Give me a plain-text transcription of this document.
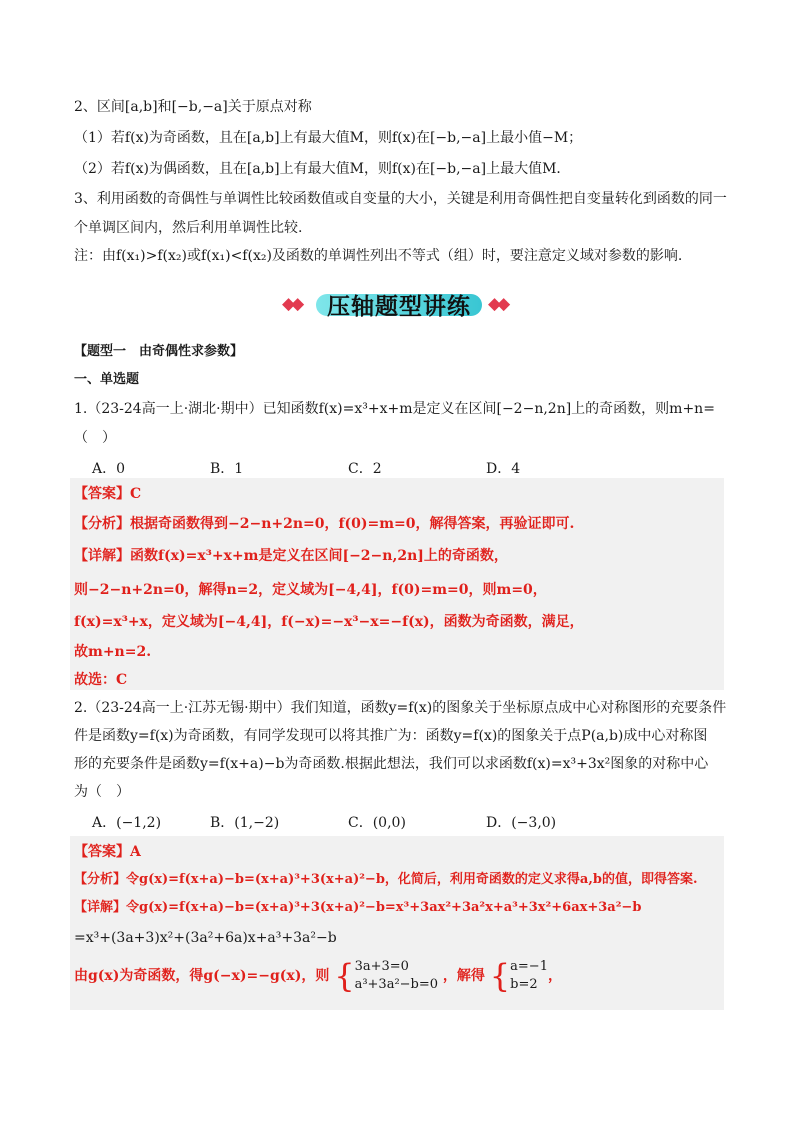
2、区间[a,b]和[−b,−a]关于原点对称
（1）若f(x)为奇函数，且在[a,b]上有最大值M，则f(x)在[−b,−a]上最小值−M；
（2）若f(x)为偶函数，且在[a,b]上有最大值M，则f(x)在[−b,−a]上最大值M．
3、利用函数的奇偶性与单调性比较函数值或自变量的大小，关键是利用奇偶性把自变量转化到函数的同一
个单调区间内，然后利用单调性比较.
注：由f(x₁)>f(x₂)或f(x₁)<f(x₂)及函数的单调性列出不等式（组）时，要注意定义域对参数的影响.
◆◆	压轴题型讲练	◆◆
【题型一　由奇偶性求参数】
一、单选题
1.（23-24高一上·湖北·期中）已知函数f(x)=x³+x+m是定义在区间[−2−n,2n]上的奇函数，则m+n=
（　）
A．0	B．1	C．2	D．4
【答案】C
【分析】根据奇函数得到−2−n+2n=0，f(0)=m=0，解得答案，再验证即可.
【详解】函数f(x)=x³+x+m是定义在区间[−2−n,2n]上的奇函数，
则−2−n+2n=0，解得n=2，定义域为[−4,4]，f(0)=m=0，则m=0，
f(x)=x³+x，定义域为[−4,4]，f(−x)=−x³−x=−f(x)，函数为奇函数，满足，
故m+n=2.
故选：C
2.（23-24高一上·江苏无锡·期中）我们知道，函数y=f(x)的图象关于坐标原点成中心对称图形的充要条件
件是函数y=f(x)为奇函数，有同学发现可以将其推广为：函数y=f(x)的图象关于点P(a,b)成中心对称图
形的充要条件是函数y=f(x+a)−b为奇函数.根据此想法，我们可以求函数f(x)=x³+3x²图象的对称中心
为（　）
A．(−1,2)	B．(1,−2)	C．(0,0)	D．(−3,0)
【答案】A
【分析】令g(x)=f(x+a)−b=(x+a)³+3(x+a)²−b，化简后，利用奇函数的定义求得a,b的值，即得答案.
【详解】令g(x)=f(x+a)−b=(x+a)³+3(x+a)²−b=x³+3ax²+3a²x+a³+3x²+6ax+3a²−b
=x³+(3a+3)x²+(3a²+6a)x+a³+3a²−b
由g(x)为奇函数，得g(−x)=−g(x)，则 {3a+3=0
a³+3a²−b=0 ，解得 {a=−1
b=2，
